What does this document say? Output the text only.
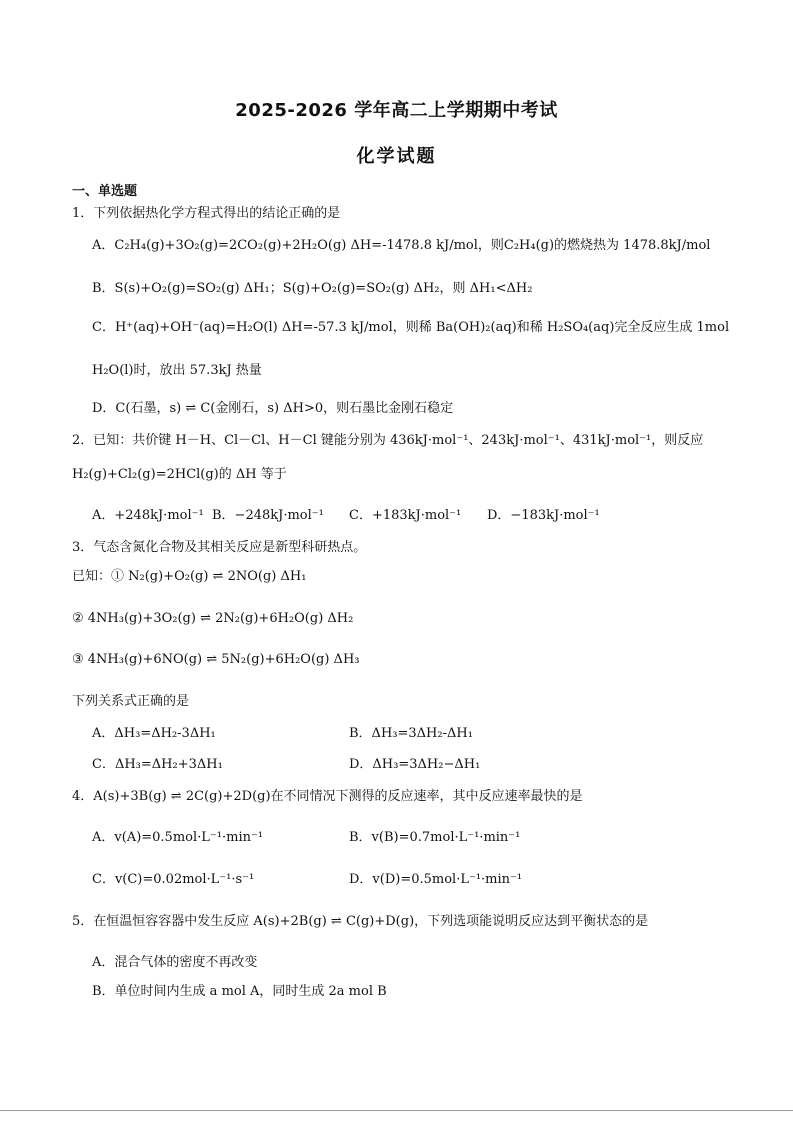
2025-2026 学年高二上学期期中考试
化学试题
一、单选题
1．下列依据热化学方程式得出的结论正确的是
A．C₂H₄(g)+3O₂(g)=2CO₂(g)+2H₂O(g) ΔH=-1478.8 kJ/mol，则C₂H₄(g)的燃烧热为 1478.8kJ/mol
B．S(s)+O₂(g)=SO₂(g) ΔH₁；S(g)+O₂(g)=SO₂(g) ΔH₂，则 ΔH₁<ΔH₂
C．H⁺(aq)+OH⁻(aq)=H₂O(l) ΔH=-57.3 kJ/mol，则稀 Ba(OH)₂(aq)和稀 H₂SO₄(aq)完全反应生成 1mol
H₂O(l)时，放出 57.3kJ 热量
D．C(石墨，s) ⇌ C(金刚石，s) ΔH>0，则石墨比金刚石稳定
2．已知：共价键 H－H、Cl－Cl、H－Cl 键能分别为 436kJ·mol⁻¹、243kJ·mol⁻¹、431kJ·mol⁻¹，则反应
H₂(g)+Cl₂(g)=2HCl(g)的 ΔH 等于
A．+248kJ·mol⁻¹ B．−248kJ·mol⁻¹ C．+183kJ·mol⁻¹ D．−183kJ·mol⁻¹
3．气态含氮化合物及其相关反应是新型科研热点。
已知：① N₂(g)+O₂(g) ⇌ 2NO(g) ΔH₁
② 4NH₃(g)+3O₂(g) ⇌ 2N₂(g)+6H₂O(g) ΔH₂
③ 4NH₃(g)+6NO(g) ⇌ 5N₂(g)+6H₂O(g) ΔH₃
下列关系式正确的是
A．ΔH₃=ΔH₂-3ΔH₁	B．ΔH₃=3ΔH₂-ΔH₁
C．ΔH₃=ΔH₂+3ΔH₁	D．ΔH₃=3ΔH₂−ΔH₁
4．A(s)+3B(g) ⇌ 2C(g)+2D(g)在不同情况下测得的反应速率，其中反应速率最快的是
A．v(A)=0.5mol·L⁻¹·min⁻¹	B．v(B)=0.7mol·L⁻¹·min⁻¹
C．v(C)=0.02mol·L⁻¹·s⁻¹	D．v(D)=0.5mol·L⁻¹·min⁻¹
5．在恒温恒容容器中发生反应 A(s)+2B(g) ⇌ C(g)+D(g)，下列选项能说明反应达到平衡状态的是
A．混合气体的密度不再改变
B．单位时间内生成 a mol A，同时生成 2a mol B
